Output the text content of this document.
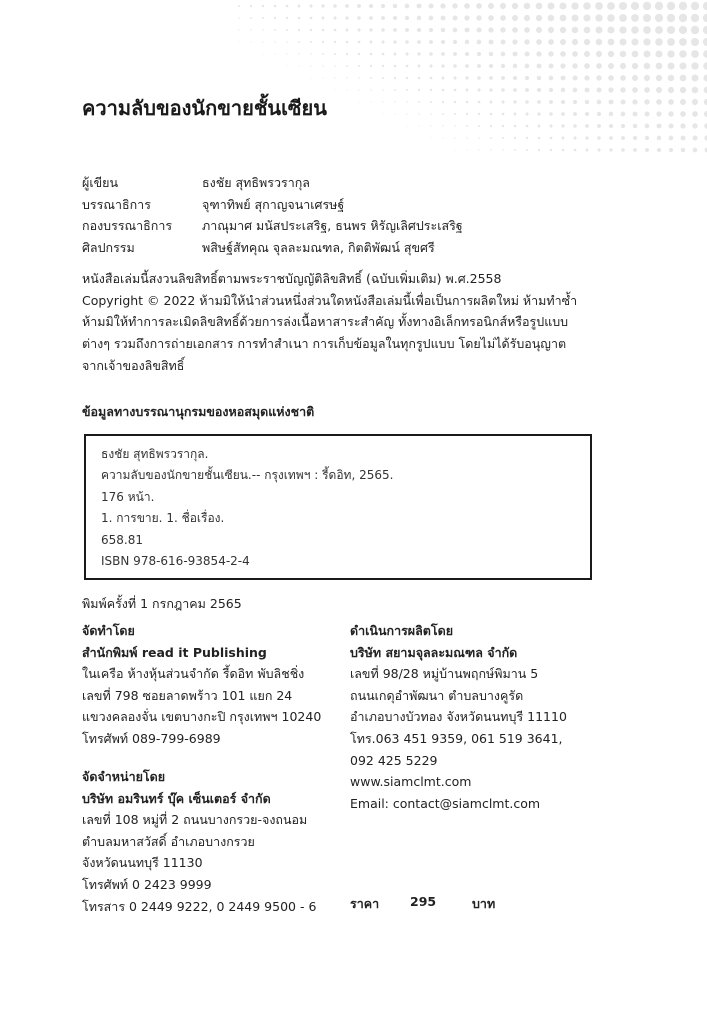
ความลับของนักขายชั้นเซียน
ผู้เขียน	ธงชัย สุทธิพรวรากุล
บรรณาธิการ	จุฑาทิพย์ สุกาญจนาเศรษฐ์
กองบรรณาธิการ	ภาณุมาศ มนัสประเสริฐ, ธนพร หิรัญเลิศประเสริฐ
ศิลปกรรม	พสิษฐ์สัทคุณ จุลละมณฑล, กิตติพัฒน์ สุขศรี

หนังสือเล่มนี้สงวนลิขสิทธิ์ตามพระราชบัญญัติลิขสิทธิ์ (ฉบับเพิ่มเติม) พ.ศ.2558

Copyright © 2022 ห้ามมิให้นำส่วนหนึ่งส่วนใดหนังสือเล่มนี้เพื่อเป็นการผลิตใหม่ ห้ามทำซ้ำ

ห้ามมิให้ทำการละเมิดลิขสิทธิ์ด้วยการล่งเนื้อหาสาระสำคัญ ทั้งทางอิเล็กทรอนิกส์หรือรูปแบบ

ต่างๆ รวมถึงการถ่ายเอกสาร การทำสำเนา การเก็บข้อมูลในทุกรูปแบบ โดยไม่ได้รับอนุญาต

จากเจ้าของลิขสิทธิ์

ข้อมูลทางบรรณานุกรมของหอสมุดแห่งชาติ
ธงชัย สุทธิพรวรากุล.
ความลับของนักขายชั้นเซียน.-- กรุงเทพฯ : รี้ดอิท, 2565.
176 หน้า.
1. การขาย. 1. ชื่อเรื่อง.
658.81
ISBN 978-616-93854-2-4
พิมพ์ครั้งที่ 1 กรกฎาคม 2565
จัดทำโดย
สำนักพิมพ์ read it Publishing
ในเครือ ห้างหุ้นส่วนจำกัด รี้ดอิท พับลิชชิ่ง
เลขที่ 798 ซอยลาดพร้าว 101 แยก 24
แขวงคลองจั่น เขตบางกะปิ กรุงเทพฯ 10240
โทรศัพท์ 089-799-6989
จัดจำหน่ายโดย
บริษัท อมรินทร์ บุ๊ค เซ็นเตอร์ จำกัด
เลขที่ 108 หมู่ที่ 2 ถนนบางกรวย-จงถนอม
ตำบลมหาสวัสดิ์ อำเภอบางกรวย
จังหวัดนนทบุรี 11130
โทรศัพท์ 0 2423 9999
โทรสาร 0 2449 9222, 0 2449 9500 - 6
ดำเนินการผลิตโดย
บริษัท สยามจุลละมณฑล จำกัด
เลขที่ 98/28 หมู่บ้านพฤกษ์พิมาน 5
ถนนเกดุอำพัฒนา ตำบลบางคูรัด
อำเภอบางบัวทอง จังหวัดนนทบุรี 11110
โทร.063 451 9359, 061 519 3641,
092 425 5229
www.siamclmt.com
Email: contact@siamclmt.com
ราคา	295	บาท
